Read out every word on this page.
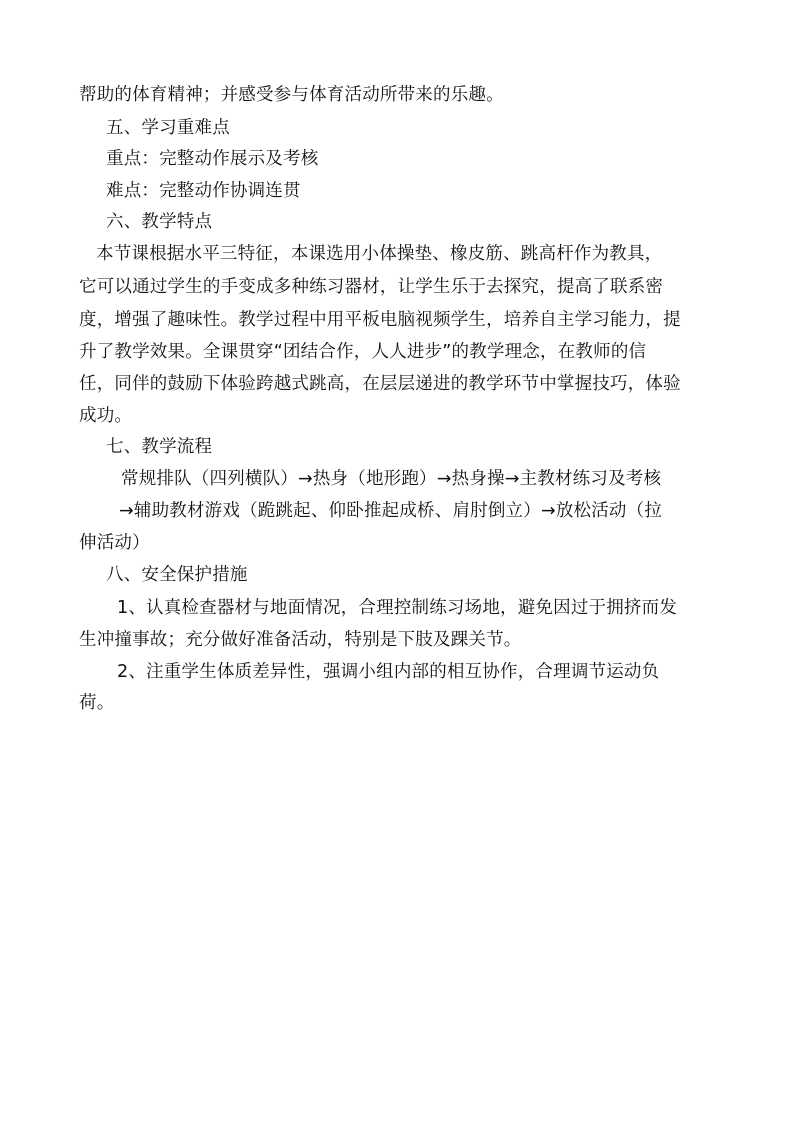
帮助的体育精神；并感受参与体育活动所带来的乐趣。
五、学习重难点
重点：完整动作展示及考核
难点：完整动作协调连贯
六、教学特点
本节课根据水平三特征，本课选用小体操垫、橡皮筋、跳高杆作为教具，
它可以通过学生的手变成多种练习器材，让学生乐于去探究，提高了联系密
度，增强了趣味性。教学过程中用平板电脑视频学生，培养自主学习能力，提
升了教学效果。全课贯穿“团结合作，人人进步”的教学理念，在教师的信
任，同伴的鼓励下体验跨越式跳高，在层层递进的教学环节中掌握技巧，体验
成功。
七、教学流程
常规排队（四列横队）→热身（地形跑）→热身操→主教材练习及考核
→辅助教材游戏（跪跳起、仰卧推起成桥、肩肘倒立）→放松活动（拉
伸活动）
八、安全保护措施
1、认真检查器材与地面情况，合理控制练习场地，避免因过于拥挤而发
生冲撞事故；充分做好准备活动，特别是下肢及踝关节。
2、注重学生体质差异性，强调小组内部的相互协作，合理调节运动负
荷。
